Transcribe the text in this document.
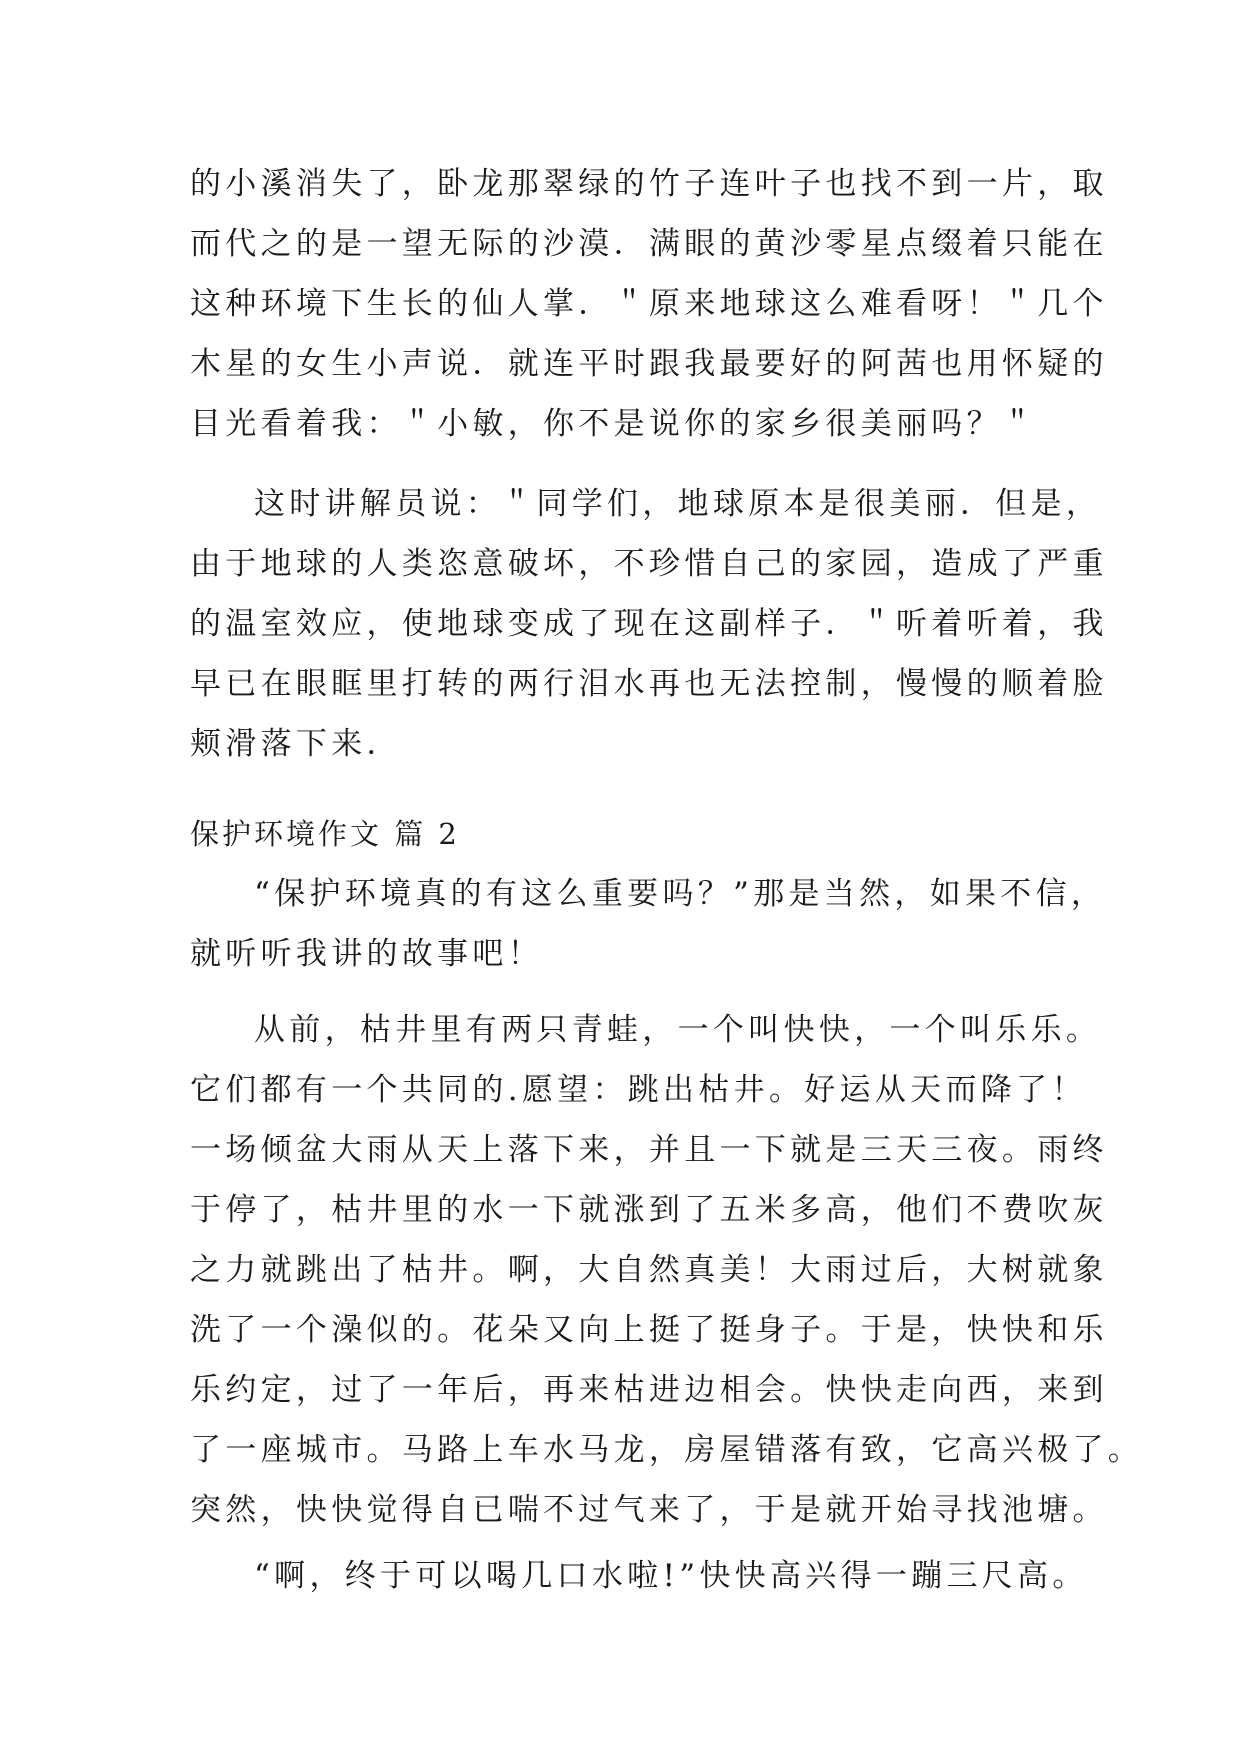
的小溪消失了，卧龙那翠绿的竹子连叶子也找不到一片，取
而代之的是一望无际的沙漠．满眼的黄沙零星点缀着只能在
这种环境下生长的仙人掌．＂原来地球这么难看呀！＂几个
木星的女生小声说．就连平时跟我最要好的阿茜也用怀疑的
目光看着我：＂小敏，你不是说你的家乡很美丽吗？＂
这时讲解员说：＂同学们，地球原本是很美丽．但是，
由于地球的人类恣意破坏，不珍惜自己的家园，造成了严重
的温室效应，使地球变成了现在这副样子．＂听着听着，我
早已在眼眶里打转的两行泪水再也无法控制，慢慢的顺着脸
颊滑落下来．
保护环境作文 篇 2
“保护环境真的有这么重要吗？”那是当然，如果不信，
就听听我讲的故事吧！
从前，枯井里有两只青蛙，一个叫快快，一个叫乐乐。
它们都有一个共同的.愿望：跳出枯井。好运从天而降了！
一场倾盆大雨从天上落下来，并且一下就是三天三夜。雨终
于停了，枯井里的水一下就涨到了五米多高，他们不费吹灰
之力就跳出了枯井。啊，大自然真美！大雨过后，大树就象
洗了一个澡似的。花朵又向上挺了挺身子。于是，快快和乐
乐约定，过了一年后，再来枯进边相会。快快走向西，来到
了一座城市。马路上车水马龙，房屋错落有致，它高兴极了。
突然，快快觉得自已喘不过气来了，于是就开始寻找池塘。
“啊，终于可以喝几口水啦!”快快高兴得一蹦三尺高。
